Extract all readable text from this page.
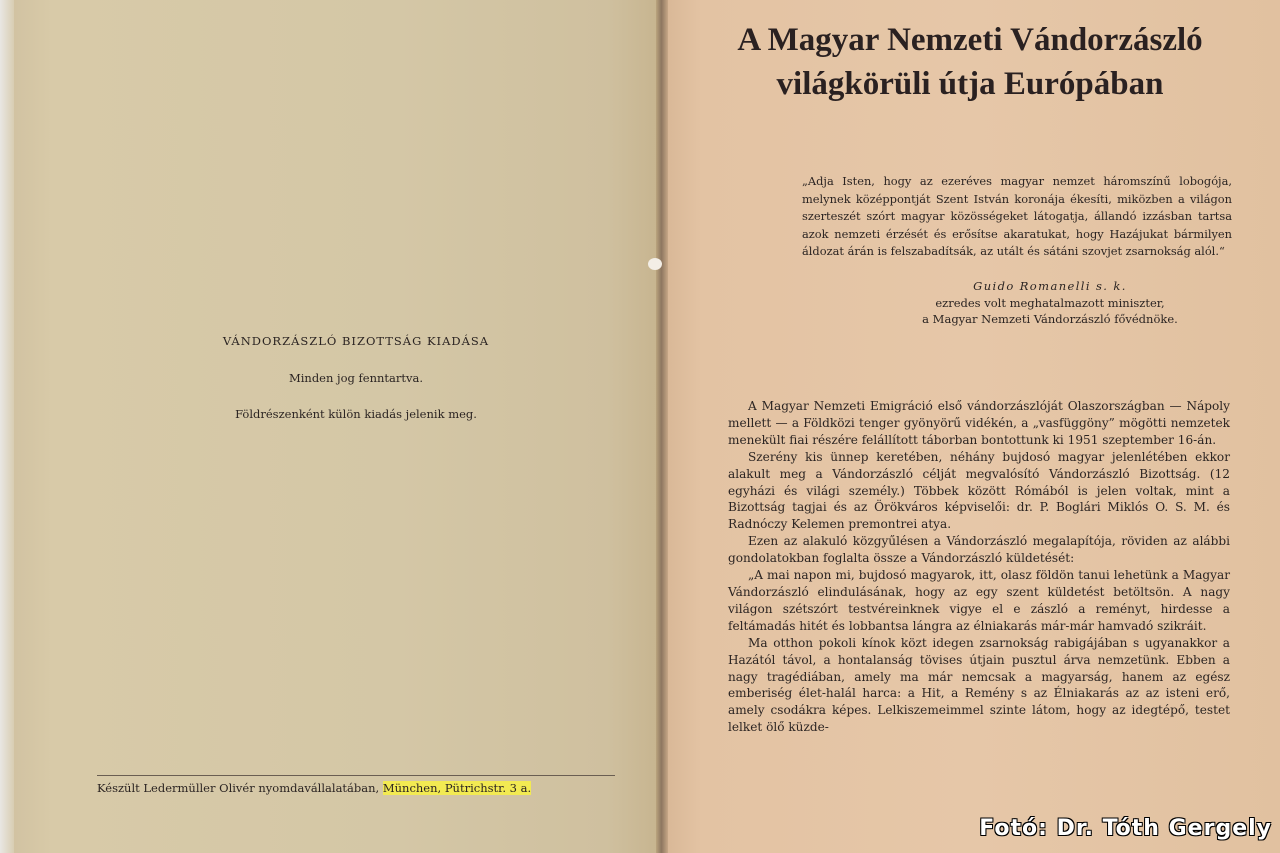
VÁNDORZÁSZLÓ BIZOTTSÁG KIADÁSA

Minden jog fenntartva.

Földrészenként külön kiadás jelenik meg.

Készült Ledermüller Olivér nyomdavállalatában, München, Pütrichstr. 3 a.
A Magyar Nemzeti Vándorzászló
világkörüli útja Európában

„Adja Isten, hogy az ezeréves magyar nemzet háromszínű lobogója, melynek középpontját Szent István koronája ékesíti, miközben a világon szerteszét szórt magyar közösségeket látogatja, állandó izzásban tartsa azok nemzeti érzését és erősítse akaratukat, hogy Hazájukat bármilyen áldozat árán is felszabadítsák, az utált és sátáni szovjet zsarnokság alól.“

Guido Romanelli s. k.
ezredes volt meghatalmazott miniszter,
a Magyar Nemzeti Vándorzászló fővédnöke.

A Magyar Nemzeti Emigráció első vándorzászlóját Olaszországban — Nápoly mellett — a Földközi tenger gyönyörű vidékén, a „vasfüggöny” mögötti nemzetek menekült fiai részére felállított táborban bontottunk ki 1951 szeptember 16-án.

Szerény kis ünnep keretében, néhány bujdosó magyar jelenlétében ekkor alakult meg a Vándorzászló célját megvalósító Vándorzászló Bizottság. (12 egyházi és világi személy.) Többek között Rómából is jelen voltak, mint a Bizottság tagjai és az Örökváros képviselői: dr. P. Boglári Miklós O. S. M. és Radnóczy Kelemen premontrei atya.

Ezen az alakuló közgyűlésen a Vándorzászló megalapítója, röviden az alábbi gondolatokban foglalta össze a Vándorzászló küldetését:

„A mai napon mi, bujdosó magyarok, itt, olasz földön tanui lehetünk a Magyar Vándorzászló elindulásának, hogy az egy szent küldetést betöltsön. A nagy világon szétszórt testvéreinknek vigye el e zászló a reményt, hirdesse a feltámadás hitét és lobbantsa lángra az élniakarás már-már hamvadó szikráit.

Ma otthon pokoli kínok közt idegen zsarnokság rabigájában s ugyanakkor a Hazától távol, a hontalanság tövises útjain pusztul árva nemzetünk. Ebben a nagy tragédiában, amely ma már nemcsak a magyarság, hanem az egész emberiség élet-halál harca: a Hit, a Remény s az Élniakarás az az isteni erő, amely csodákra képes. Lelkiszemeimmel szinte látom, hogy az idegtépő, testet lelket ölő küzde-

Fotó: Dr. Tóth Gergely
